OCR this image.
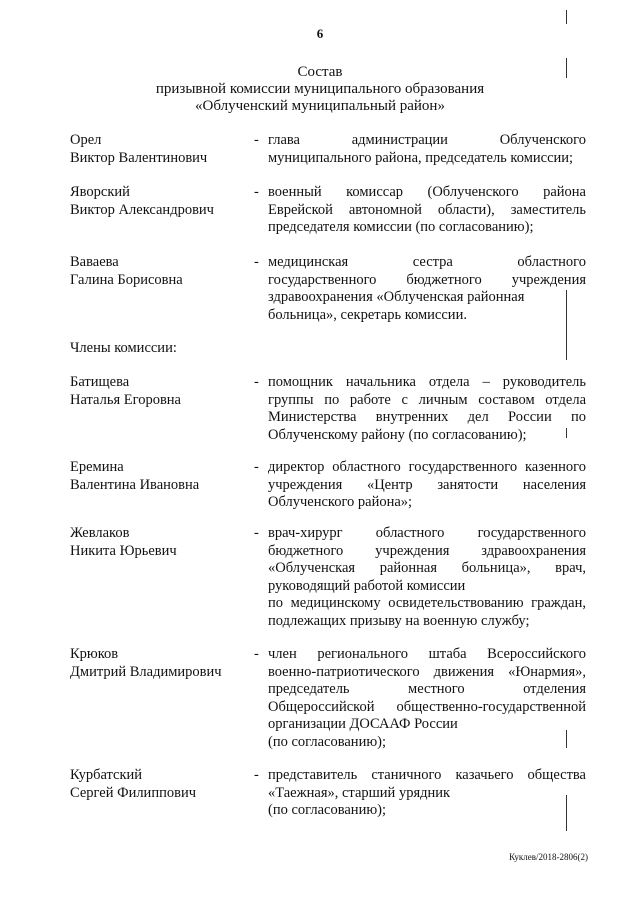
6
Состав
призывной комиссии муниципального образования
«Облученский муниципальный район»
Орел
Виктор Валентинович
- глава администрации Облученского
муниципального района, председатель комиссии;
Яворский
Виктор Александрович
- военный комиссар (Облученского района
Еврейской автономной области), заместитель
председателя комиссии (по согласованию);
Ваваева
Галина Борисовна
- медицинская сестра областного
государственного бюджетного учреждения
здравоохранения «Облученская районная
больница», секретарь комиссии.
Члены комиссии:
Батищева
Наталья Егоровна
- помощник начальника отдела – руководитель
группы по работе с личным составом отдела
Министерства внутренних дел России по
Облученскому району (по согласованию);
Еремина
Валентина Ивановна
- директор областного государственного казенного
учреждения «Центр занятости населения
Облученского района»;
Жевлаков
Никита Юрьевич
- врач-хирург областного государственного
бюджетного учреждения здравоохранения
«Облученская районная больница», врач,
руководящий работой комиссии
по медицинскому освидетельствованию граждан,
подлежащих призыву на военную службу;
Крюков
Дмитрий Владимирович
- член регионального штаба Всероссийского
военно-патриотического движения «Юнармия»,
председатель местного отделения
Общероссийской общественно-государственной
организации ДОСААФ России
(по согласованию);
Курбатский
Сергей Филиппович
- представитель станичного казачьего общества
«Таежная», старший урядник
(по согласованию);
Куклев/2018-2806(2)
